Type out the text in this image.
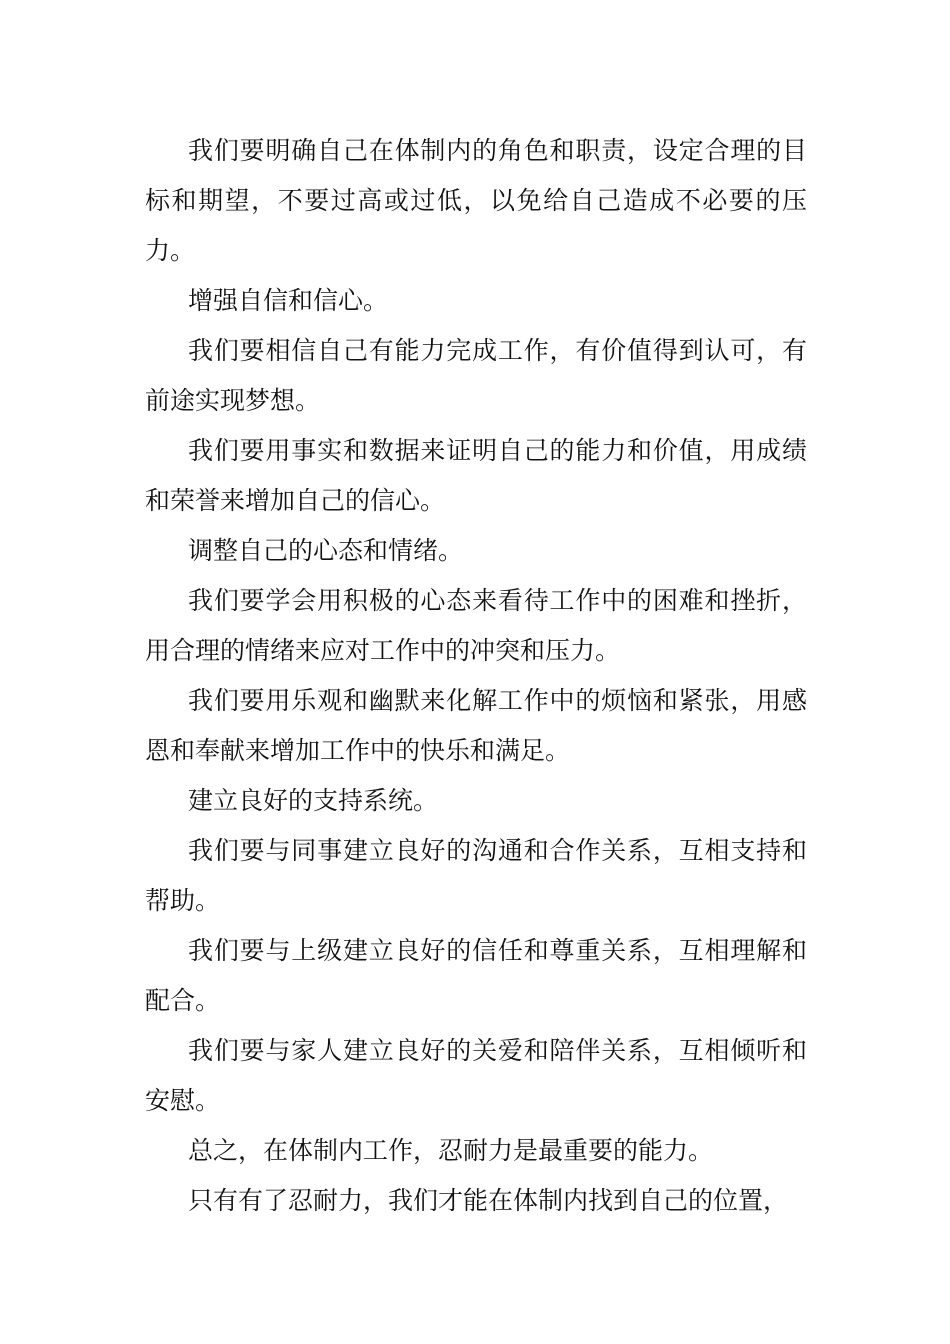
我们要明确自己在体制内的角色和职责，设定合理的目标和期望，不要过高或过低，以免给自己造成不必要的压力。

增强自信和信心。

我们要相信自己有能力完成工作，有价值得到认可，有前途实现梦想。

我们要用事实和数据来证明自己的能力和价值，用成绩和荣誉来增加自己的信心。

调整自己的心态和情绪。

我们要学会用积极的心态来看待工作中的困难和挫折，用合理的情绪来应对工作中的冲突和压力。

我们要用乐观和幽默来化解工作中的烦恼和紧张，用感恩和奉献来增加工作中的快乐和满足。

建立良好的支持系统。

我们要与同事建立良好的沟通和合作关系，互相支持和帮助。

我们要与上级建立良好的信任和尊重关系，互相理解和配合。

我们要与家人建立良好的关爱和陪伴关系，互相倾听和安慰。

总之，在体制内工作，忍耐力是最重要的能力。

只有有了忍耐力，我们才能在体制内找到自己的位置，
